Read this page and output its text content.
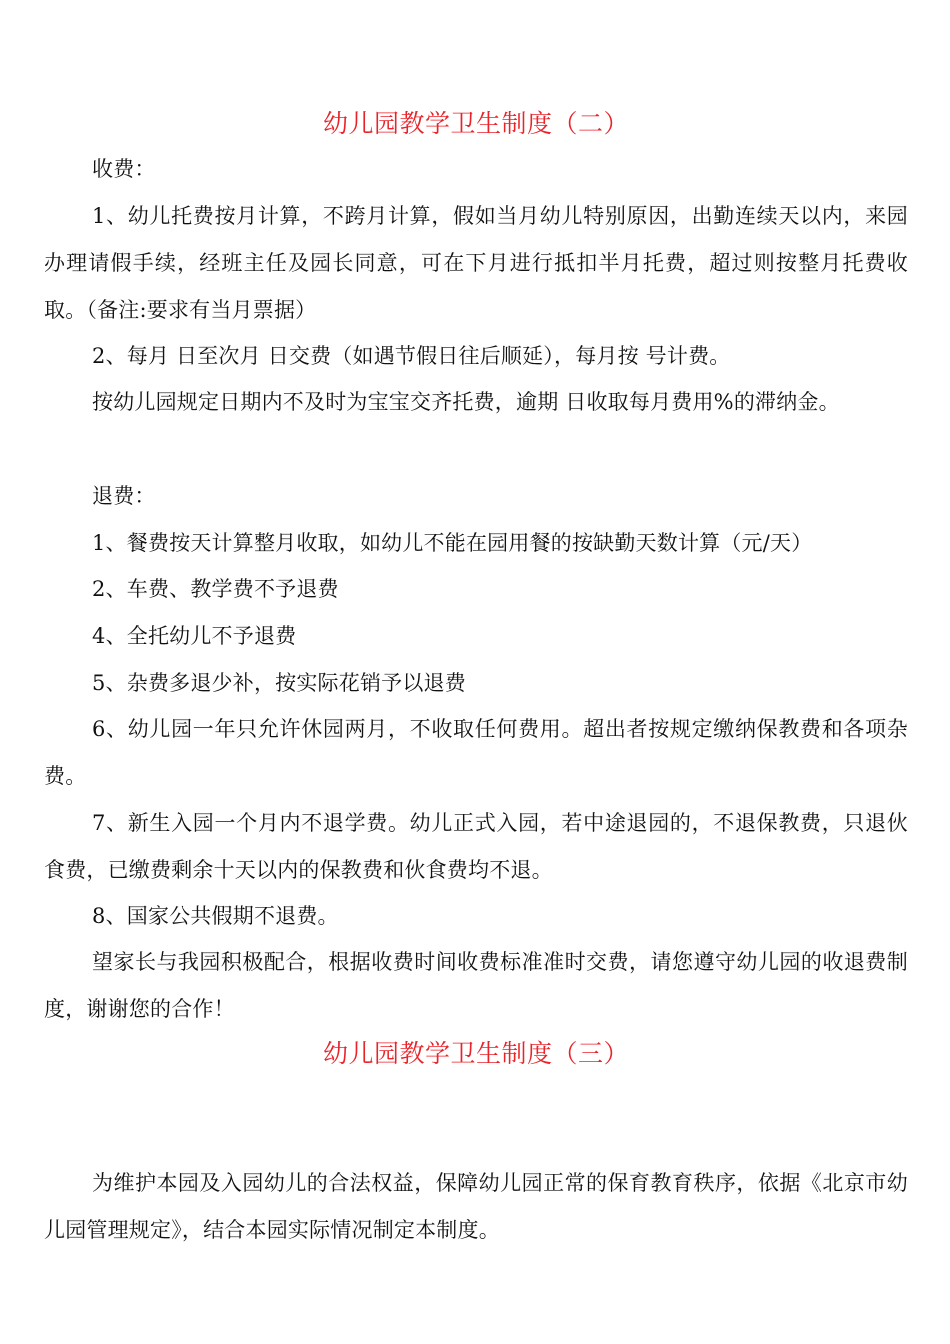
幼儿园教学卫生制度（二）
收费：
1、幼儿托费按月计算，不跨月计算，假如当月幼儿特别原因，出勤连续天以内，来园办理请假手续，经班主任及园长同意，可在下月进行抵扣半月托费，超过则按整月托费收取。（备注:要求有当月票据）
2、每月 日至次月 日交费（如遇节假日往后顺延），每月按 号计费。
按幼儿园规定日期内不及时为宝宝交齐托费，逾期 日收取每月费用%的滞纳金。
退费：
1、餐费按天计算整月收取，如幼儿不能在园用餐的按缺勤天数计算（元/天）
2、车费、教学费不予退费
4、全托幼儿不予退费
5、杂费多退少补，按实际花销予以退费
6、幼儿园一年只允许休园两月，不收取任何费用。超出者按规定缴纳保教费和各项杂费。
7、新生入园一个月内不退学费。幼儿正式入园，若中途退园的，不退保教费，只退伙食费，已缴费剩余十天以内的保教费和伙食费均不退。
8、国家公共假期不退费。
望家长与我园积极配合，根据收费时间收费标准准时交费，请您遵守幼儿园的收退费制度，谢谢您的合作！
幼儿园教学卫生制度（三）
为维护本园及入园幼儿的合法权益，保障幼儿园正常的保育教育秩序，依据《北京市幼儿园管理规定》，结合本园实际情况制定本制度。
